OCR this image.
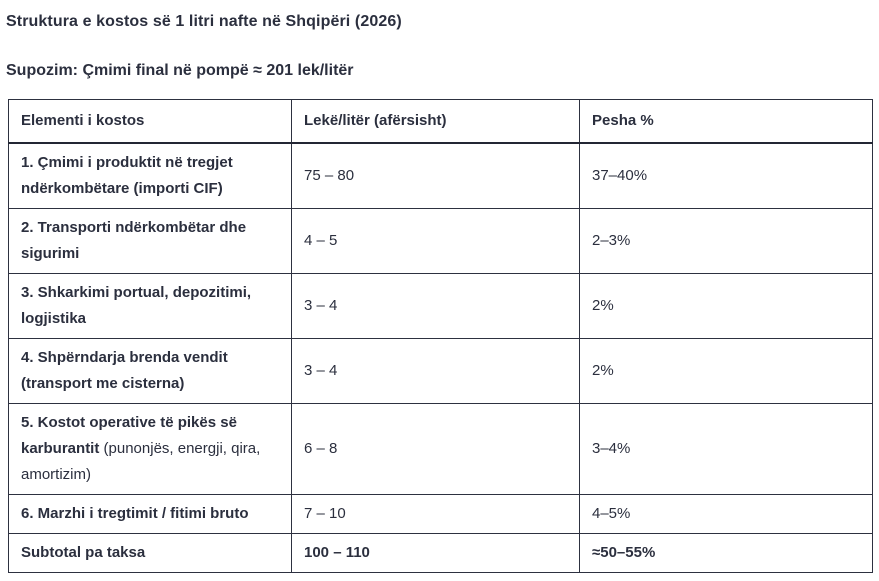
Struktura e kostos së 1 litri nafte në Shqipëri (2026)

Supozim: Çmimi final në pompë ≈ 201 lek/litër

Elementi i kostos	Lekë/litër (afërsisht)	Pesha %
1. Çmimi i produktit në tregjet ndërkombëtare (importi CIF)	75 – 80	37–40%
2. Transporti ndërkombëtar dhe sigurimi	4 – 5	2–3%
3. Shkarkimi portual, depozitimi, logjistika	3 – 4	2%
4. Shpërndarja brenda vendit (transport me cisterna)	3 – 4	2%
5. Kostot operative të pikës së karburantit (punonjës, energji, qira, amortizim)	6 – 8	3–4%
6. Marzhi i tregtimit / fitimi bruto	7 – 10	4–5%
Subtotal pa taksa	100 – 110	≈50–55%
